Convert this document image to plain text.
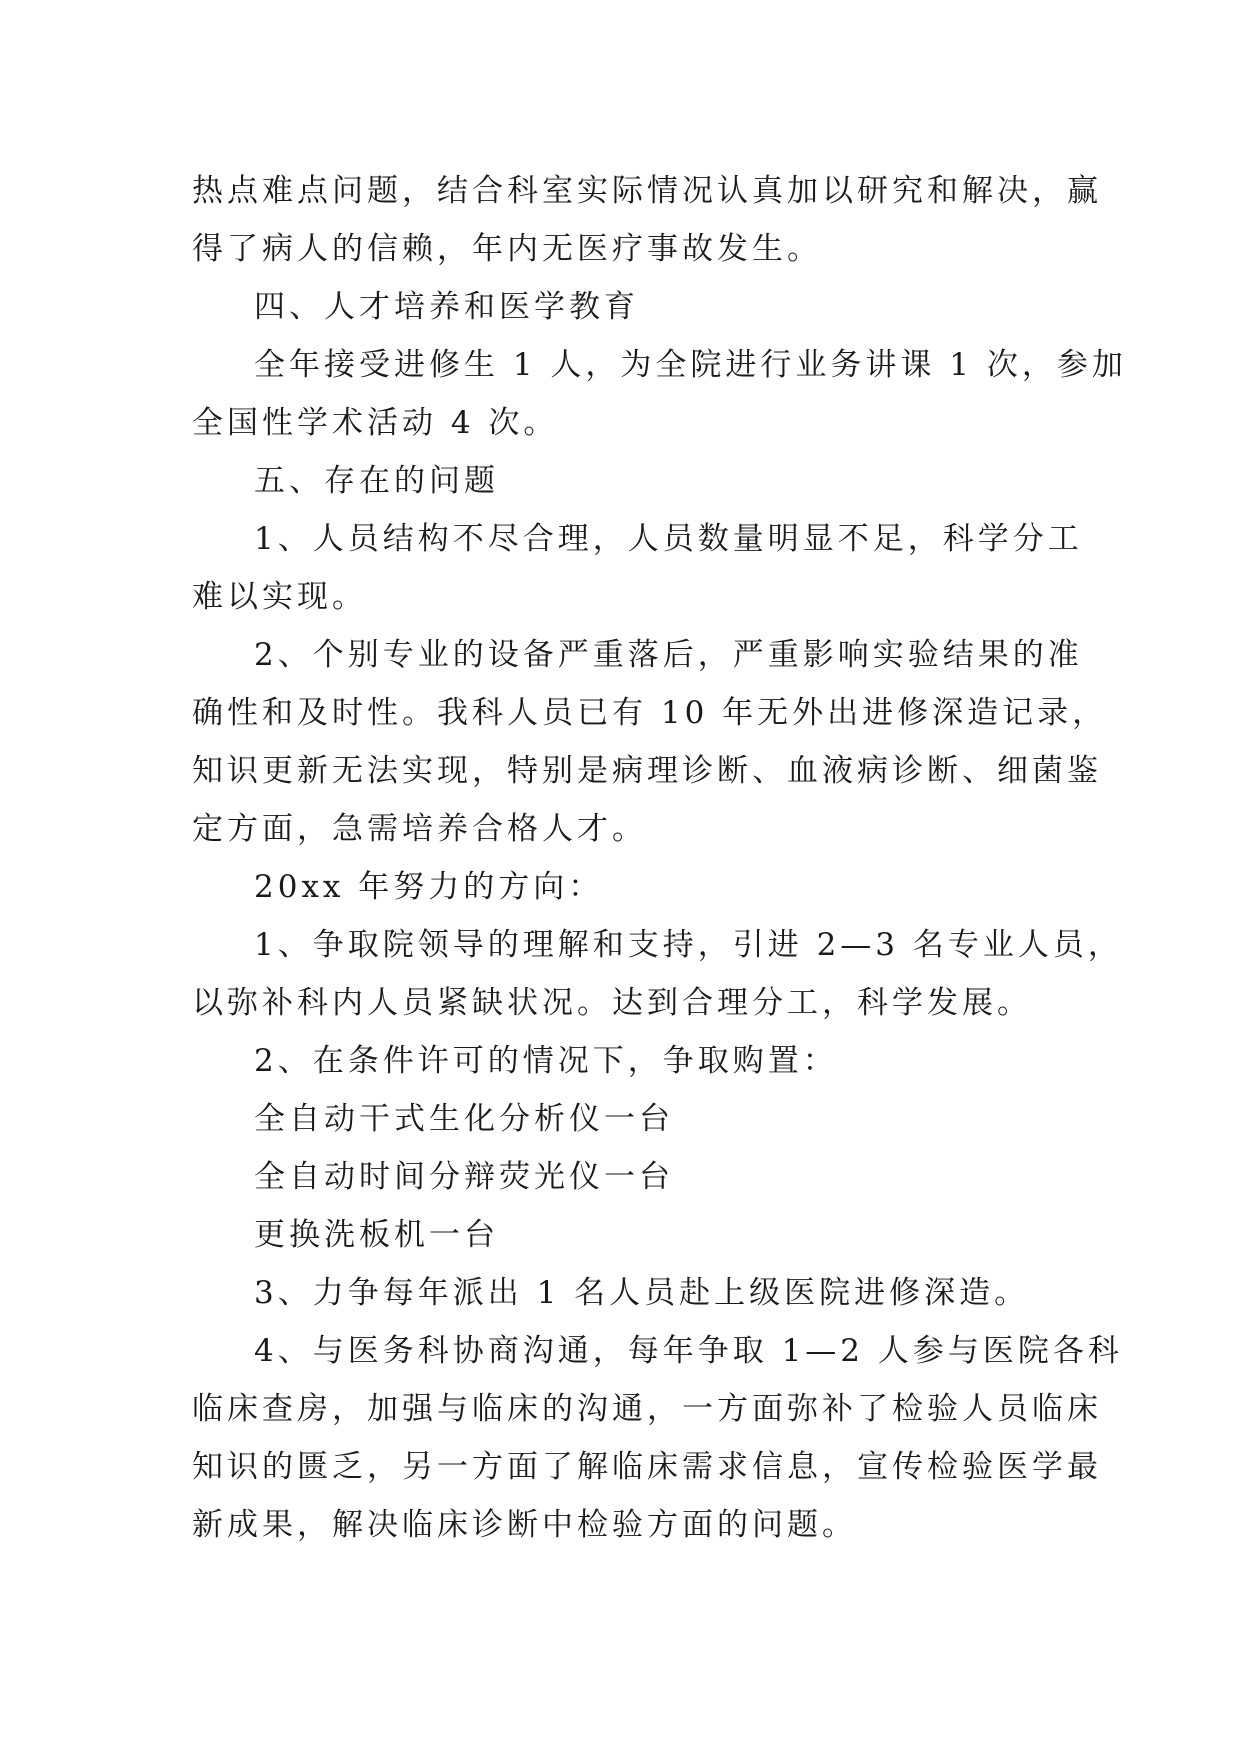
热点难点问题，结合科室实际情况认真加以研究和解决，赢

得了病人的信赖，年内无医疗事故发生。

四、人才培养和医学教育

全年接受进修生 1 人，为全院进行业务讲课 1 次，参加

全国性学术活动 4 次。

五、存在的问题

1、人员结构不尽合理，人员数量明显不足，科学分工

难以实现。

2、个别专业的设备严重落后，严重影响实验结果的准

确性和及时性。我科人员已有 10 年无外出进修深造记录，

知识更新无法实现，特别是病理诊断、血液病诊断、细菌鉴

定方面，急需培养合格人才。

20xx 年努力的方向：

1、争取院领导的理解和支持，引进 2—3 名专业人员，

以弥补科内人员紧缺状况。达到合理分工，科学发展。

2、在条件许可的情况下，争取购置：

全自动干式生化分析仪一台

全自动时间分辩荧光仪一台

更换洗板机一台

3、力争每年派出 1 名人员赴上级医院进修深造。

4、与医务科协商沟通，每年争取 1—2 人参与医院各科

临床查房，加强与临床的沟通，一方面弥补了检验人员临床

知识的匮乏，另一方面了解临床需求信息，宣传检验医学最

新成果，解决临床诊断中检验方面的问题。
